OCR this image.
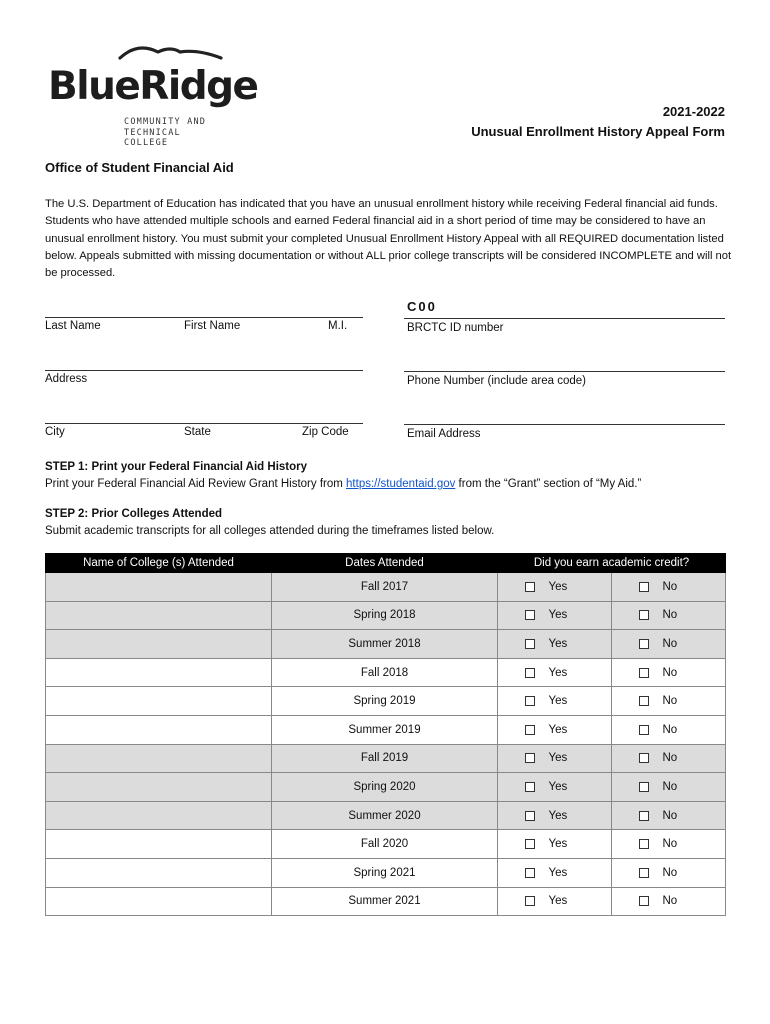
BlueRidge
COMMUNITY AND
TECHNICAL COLLEGE
2021-2022
Unusual Enrollment History Appeal Form
Office of Student Financial Aid
The U.S. Department of Education has indicated that you have an unusual enrollment history while receiving Federal financial aid funds. Students who have attended multiple schools and earned Federal financial aid in a short period of time may be considered to have an unusual enrollment history. You must submit your completed Unusual Enrollment History Appeal with all REQUIRED documentation listed below. Appeals submitted with missing documentation or without ALL prior college transcripts will be considered INCOMPLETE and will not be processed.
Last Name	First Name	M.I.
Address
City	State	Zip Code
C00
BRCTC ID number
Phone Number (include area code)
Email Address
STEP 1: Print your Federal Financial Aid History
Print your Federal Financial Aid Review Grant History from https://studentaid.gov from the “Grant” section of “My Aid.”
STEP 2: Prior Colleges Attended
Submit academic transcripts for all colleges attended during the timeframes listed below.
Name of College (s) Attended	Dates Attended	Did you earn academic credit?	
	Fall 2017	Yes	No
	Spring 2018	Yes	No
	Summer 2018	Yes	No
	Fall 2018	Yes	No
	Spring 2019	Yes	No
	Summer 2019	Yes	No
	Fall 2019	Yes	No
	Spring 2020	Yes	No
	Summer 2020	Yes	No
	Fall 2020	Yes	No
	Spring 2021	Yes	No
	Summer 2021	Yes	No
